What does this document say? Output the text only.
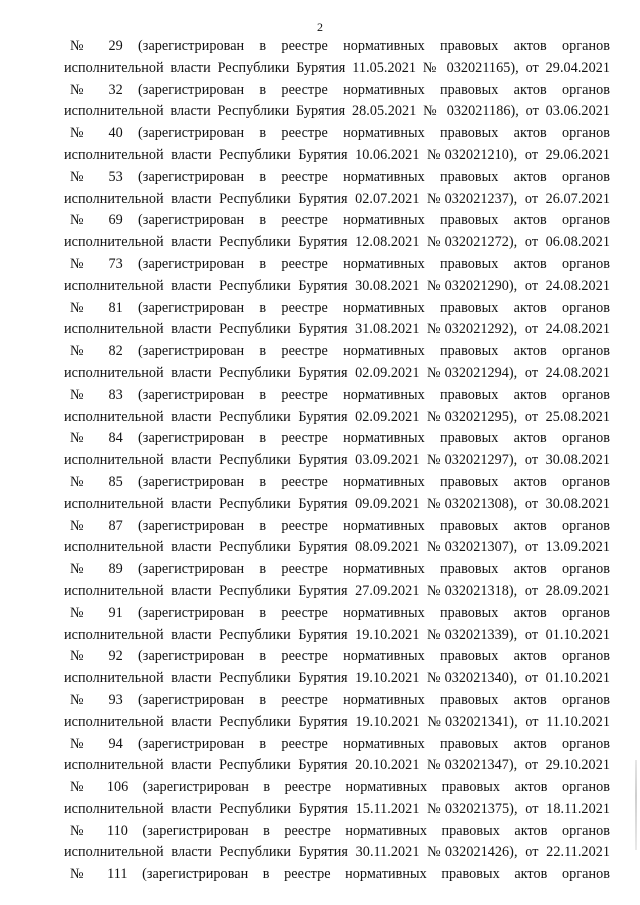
2
№ 29 (зарегистрирован в реестре нормативных правовых актов органов
исполнительной власти Республики Бурятия 11.05.2021 № 032021165), от 29.04.2021
№ 32 (зарегистрирован в реестре нормативных правовых актов органов
исполнительной власти Республики Бурятия 28.05.2021 № 032021186), от 03.06.2021
№ 40 (зарегистрирован в реестре нормативных правовых актов органов
исполнительной власти Республики Бурятия 10.06.2021 №032021210), от 29.06.2021
№ 53 (зарегистрирован в реестре нормативных правовых актов органов
исполнительной власти Республики Бурятия 02.07.2021 №032021237), от 26.07.2021
№ 69 (зарегистрирован в реестре нормативных правовых актов органов
исполнительной власти Республики Бурятия 12.08.2021 №032021272), от 06.08.2021
№ 73 (зарегистрирован в реестре нормативных правовых актов органов
исполнительной власти Республики Бурятия 30.08.2021 №032021290), от 24.08.2021
№ 81 (зарегистрирован в реестре нормативных правовых актов органов
исполнительной власти Республики Бурятия 31.08.2021 №032021292), от 24.08.2021
№ 82 (зарегистрирован в реестре нормативных правовых актов органов
исполнительной власти Республики Бурятия 02.09.2021 №032021294), от 24.08.2021
№ 83 (зарегистрирован в реестре нормативных правовых актов органов
исполнительной власти Республики Бурятия 02.09.2021 №032021295), от 25.08.2021
№ 84 (зарегистрирован в реестре нормативных правовых актов органов
исполнительной власти Республики Бурятия 03.09.2021 №032021297), от 30.08.2021
№ 85 (зарегистрирован в реестре нормативных правовых актов органов
исполнительной власти Республики Бурятия 09.09.2021 №032021308), от 30.08.2021
№ 87 (зарегистрирован в реестре нормативных правовых актов органов
исполнительной власти Республики Бурятия 08.09.2021 №032021307), от 13.09.2021
№ 89 (зарегистрирован в реестре нормативных правовых актов органов
исполнительной власти Республики Бурятия 27.09.2021 №032021318), от 28.09.2021
№ 91 (зарегистрирован в реестре нормативных правовых актов органов
исполнительной власти Республики Бурятия 19.10.2021 №032021339), от 01.10.2021
№ 92 (зарегистрирован в реестре нормативных правовых актов органов
исполнительной власти Республики Бурятия 19.10.2021 №032021340), от 01.10.2021
№ 93 (зарегистрирован в реестре нормативных правовых актов органов
исполнительной власти Республики Бурятия 19.10.2021 №032021341), от 11.10.2021
№ 94 (зарегистрирован в реестре нормативных правовых актов органов
исполнительной власти Республики Бурятия 20.10.2021 №032021347), от 29.10.2021
№ 106 (зарегистрирован в реестре нормативных правовых актов органов
исполнительной власти Республики Бурятия 15.11.2021 №032021375), от 18.11.2021
№ 110 (зарегистрирован в реестре нормативных правовых актов органов
исполнительной власти Республики Бурятия 30.11.2021 №032021426), от 22.11.2021
№ 111 (зарегистрирован в реестре нормативных правовых актов органов
